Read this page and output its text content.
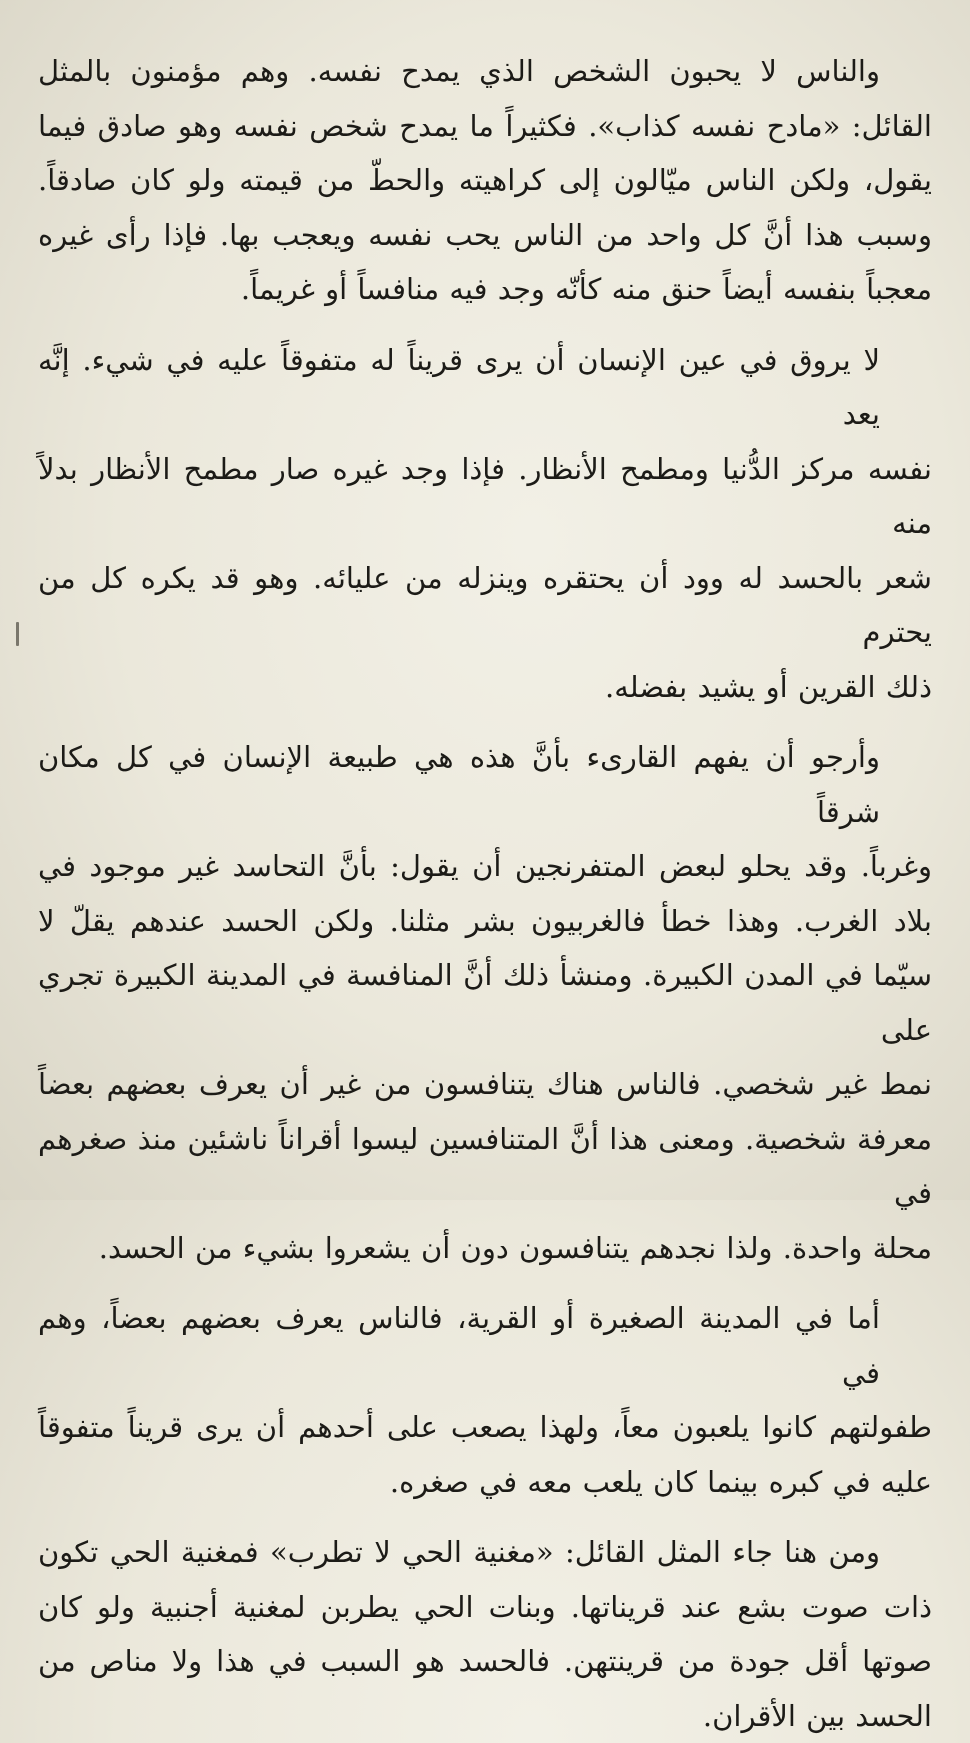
والناس لا يحبون الشخص الذي يمدح نفسه. وهم مؤمنون بالمثل
القائل: «مادح نفسه كذاب». فكثيراً ما يمدح شخص نفسه وهو صادق فيما
يقول، ولكن الناس ميّالون إلى كراهيته والحطّ من قيمته ولو كان صادقاً.
وسبب هذا أنَّ كل واحد من الناس يحب نفسه ويعجب بها. فإذا رأى غيره
معجباً بنفسه أيضاً حنق منه كأنّه وجد فيه منافساً أو غريماً.

لا يروق في عين الإنسان أن يرى قريناً له متفوقاً عليه في شيء. إنَّه يعد
نفسه مركز الدُّنيا ومطمح الأنظار. فإذا وجد غيره صار مطمح الأنظار بدلاً منه
شعر بالحسد له وود أن يحتقره وينزله من عليائه. وهو قد يكره كل من يحترم
ذلك القرين أو يشيد بفضله.

وأرجو أن يفهم القارىء بأنَّ هذه هي طبيعة الإنسان في كل مكان شرقاً
وغرباً. وقد يحلو لبعض المتفرنجين أن يقول: بأنَّ التحاسد غير موجود في
بلاد الغرب. وهذا خطأ فالغربيون بشر مثلنا. ولكن الحسد عندهم يقلّ لا
سيّما في المدن الكبيرة. ومنشأ ذلك أنَّ المنافسة في المدينة الكبيرة تجري على
نمط غير شخصي. فالناس هناك يتنافسون من غير أن يعرف بعضهم بعضاً
معرفة شخصية. ومعنى هذا أنَّ المتنافسين ليسوا أقراناً ناشئين منذ صغرهم في
محلة واحدة. ولذا نجدهم يتنافسون دون أن يشعروا بشيء من الحسد.

أما في المدينة الصغيرة أو القرية، فالناس يعرف بعضهم بعضاً، وهم في
طفولتهم كانوا يلعبون معاً، ولهذا يصعب على أحدهم أن يرى قريناً متفوقاً
عليه في كبره بينما كان يلعب معه في صغره.

ومن هنا جاء المثل القائل: «مغنية الحي لا تطرب» فمغنية الحي تكون
ذات صوت بشع عند قريناتها. وبنات الحي يطربن لمغنية أجنبية ولو كان
صوتها أقل جودة من قرينتهن. فالحسد هو السبب في هذا ولا مناص من
الحسد بين الأقران.
